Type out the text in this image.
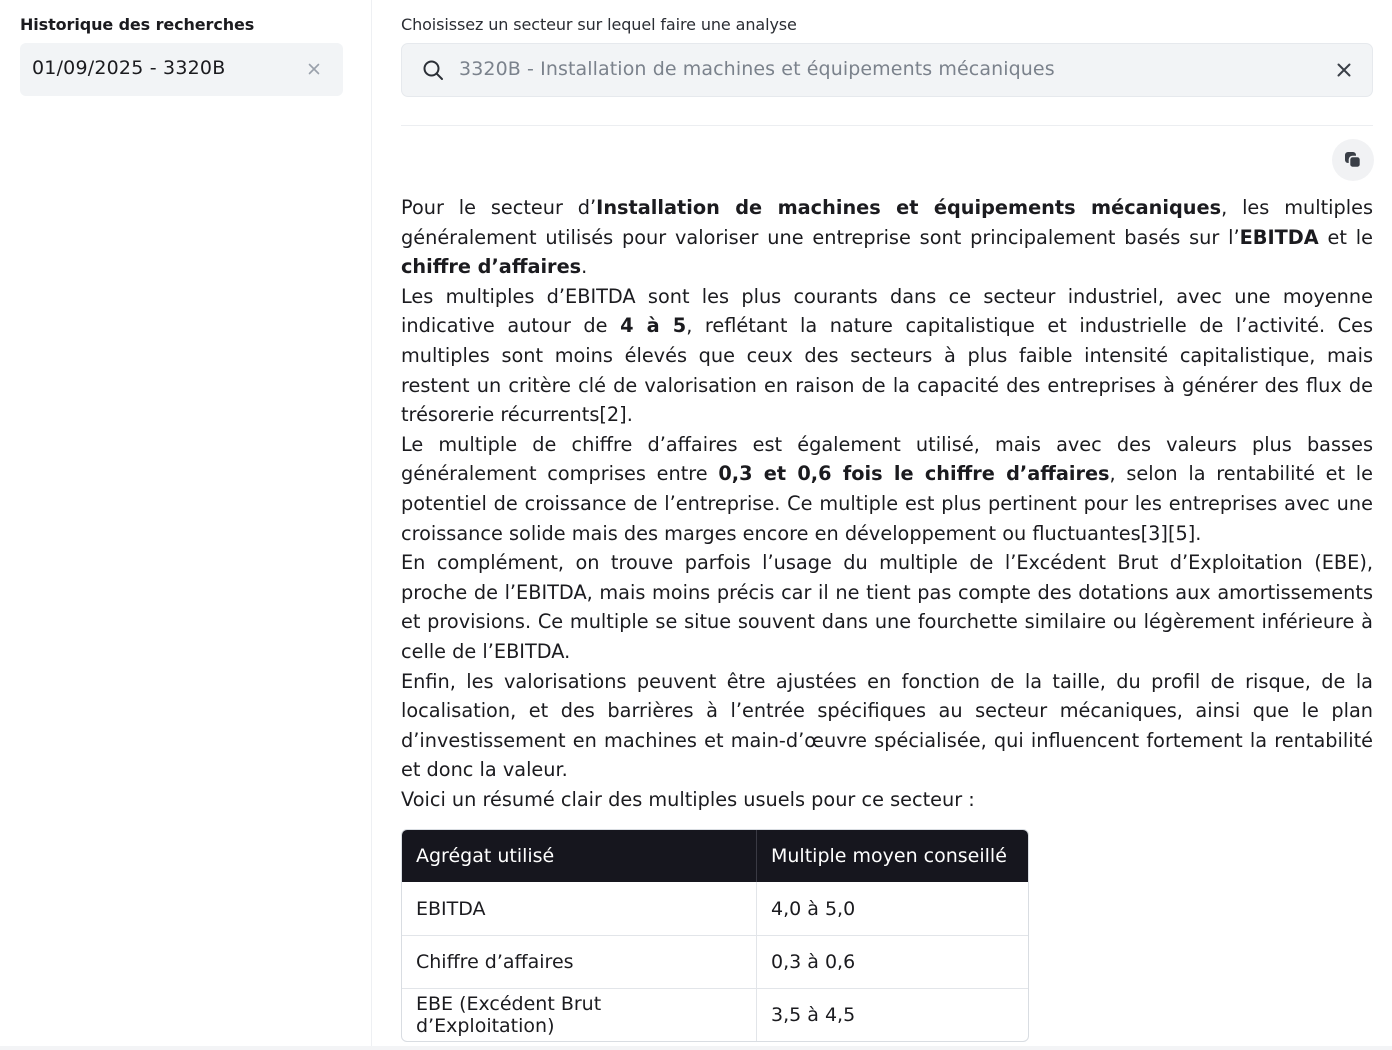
Historique des recherches
01/09/2025 - 3320B
Choisissez un secteur sur lequel faire une analyse
3320B - Installation de machines et équipements mécaniques

Pour le secteur d’Installation de machines et équipements mécaniques, les multiples généralement utilisés pour valoriser une entreprise sont principalement basés sur l’EBITDA et le chiffre d’affaires.

Les multiples d’EBITDA sont les plus courants dans ce secteur industriel, avec une moyenne indicative autour de 4 à 5, reflétant la nature capitalistique et industrielle de l’activité. Ces multiples sont moins élevés que ceux des secteurs à plus faible intensité capitalistique, mais restent un critère clé de valorisation en raison de la capacité des entreprises à générer des flux de trésorerie récurrents[2].

Le multiple de chiffre d’affaires est également utilisé, mais avec des valeurs plus basses généralement comprises entre 0,3 et 0,6 fois le chiffre d’affaires, selon la rentabilité et le potentiel de croissance de l’entreprise. Ce multiple est plus pertinent pour les entreprises avec une croissance solide mais des marges encore en développement ou fluctuantes[3][5].

En complément, on trouve parfois l’usage du multiple de l’Excédent Brut d’Exploitation (EBE), proche de l’EBITDA, mais moins précis car il ne tient pas compte des dotations aux amortissements et provisions. Ce multiple se situe souvent dans une fourchette similaire ou légèrement inférieure à celle de l’EBITDA.

Enfin, les valorisations peuvent être ajustées en fonction de la taille, du profil de risque, de la localisation, et des barrières à l’entrée spécifiques au secteur mécaniques, ainsi que le plan d’investissement en machines et main-d’œuvre spécialisée, qui influencent fortement la rentabilité et donc la valeur.

Voici un résumé clair des multiples usuels pour ce secteur :

Agrégat utilisé	Multiple moyen conseillé
EBITDA	4,0 à 5,0
Chiffre d’affaires	0,3 à 0,6
EBE (Excédent Brut d’Exploitation)	3,5 à 4,5
